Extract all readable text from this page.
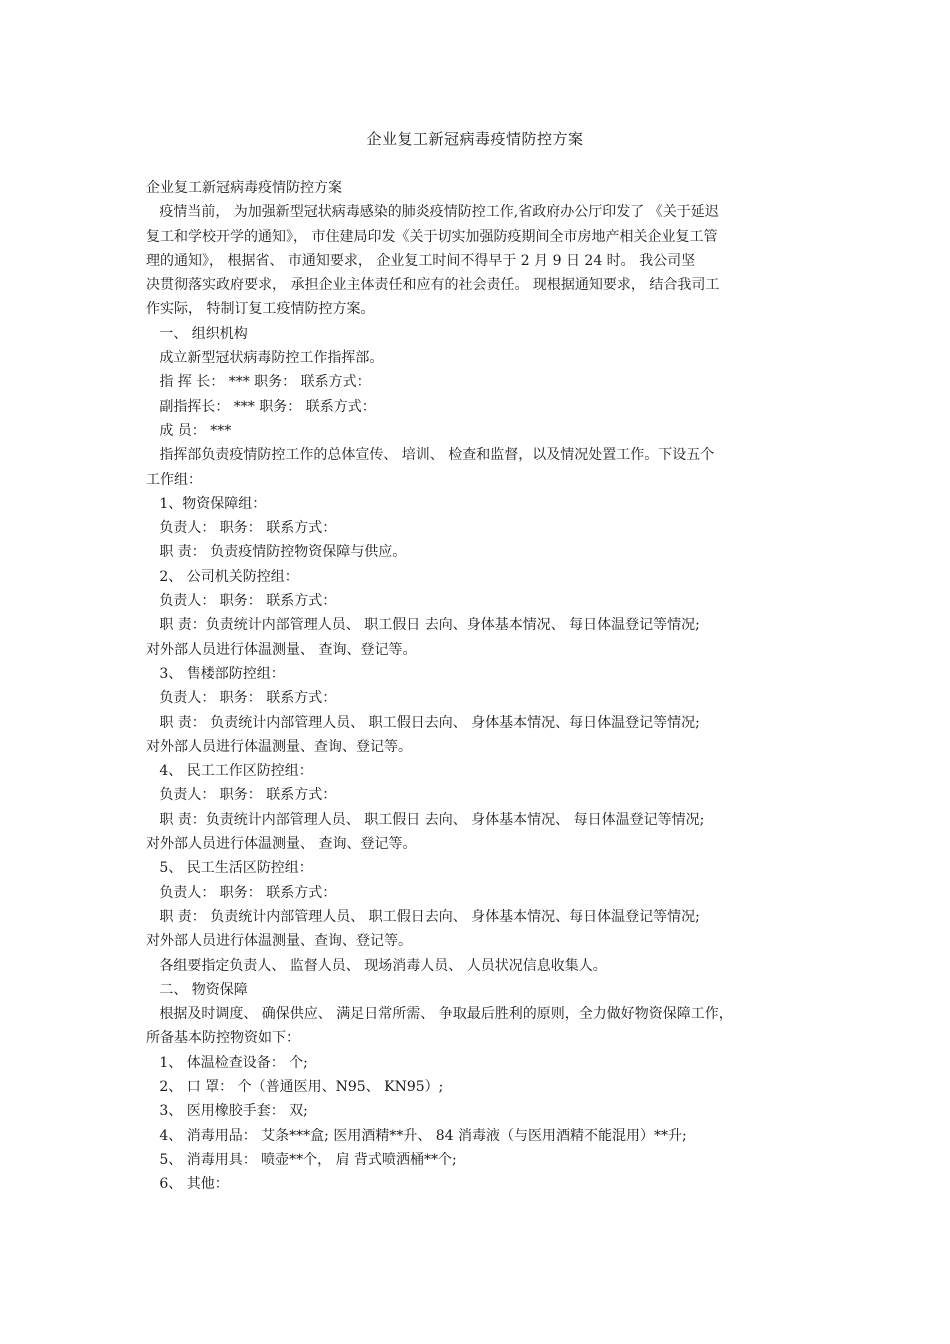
企业复工新冠病毒疫情防控方案
企业复工新冠病毒疫情防控方案
疫情当前， 为加强新型冠状病毒感染的肺炎疫情防控工作,省政府办公厅印发了 《关于延迟
复工和学校开学的通知》， 市住建局印发《关于切实加强防疫期间全市房地产相关企业复工管
理的通知》， 根据省、 市通知要求， 企业复工时间不得早于 2 月 9 日 24 时。 我公司坚
决贯彻落实政府要求， 承担企业主体责任和应有的社会责任。 现根据通知要求， 结合我司工
作实际， 特制订复工疫情防控方案。
一、 组织机构
成立新型冠状病毒防控工作指挥部。
指 挥 长： *** 职务： 联系方式：
副指挥长： *** 职务： 联系方式：
成 员： ***
指挥部负责疫情防控工作的总体宣传、 培训、 检查和监督，以及情况处置工作。下设五个
工作组：
1、物资保障组：
负责人： 职务： 联系方式：
职 责： 负责疫情防控物资保障与供应。
2、 公司机关防控组：
负责人： 职务： 联系方式：
职 责：负责统计内部管理人员、 职工假日 去向、身体基本情况、 每日体温登记等情况;
对外部人员进行体温测量、 查询、登记等。
3、 售楼部防控组：
负责人： 职务： 联系方式：
职 责： 负责统计内部管理人员、 职工假日去向、 身体基本情况、每日体温登记等情况;
对外部人员进行体温测量、查询、登记等。
4、 民工工作区防控组：
负责人： 职务： 联系方式：
职 责：负责统计内部管理人员、 职工假日 去向、 身体基本情况、 每日体温登记等情况;
对外部人员进行体温测量、 查询、登记等。
5、 民工生活区防控组：
负责人： 职务： 联系方式：
职 责： 负责统计内部管理人员、 职工假日去向、 身体基本情况、每日体温登记等情况;
对外部人员进行体温测量、查询、登记等。
各组要指定负责人、 监督人员、 现场消毒人员、 人员状况信息收集人。
二、 物资保障
根据及时调度、 确保供应、 满足日常所需、 争取最后胜利的原则，全力做好物资保障工作，
所备基本防控物资如下：
1、 体温检查设备： 个;
2、 口 罩： 个（普通医用、N95、 KN95）;
3、 医用橡胶手套： 双;
4、 消毒用品： 艾条***盒; 医用酒精**升、 84 消毒液（与医用酒精不能混用）**升;
5、 消毒用具： 喷壶**个， 肩 背式喷洒桶**个;
6、 其他：
